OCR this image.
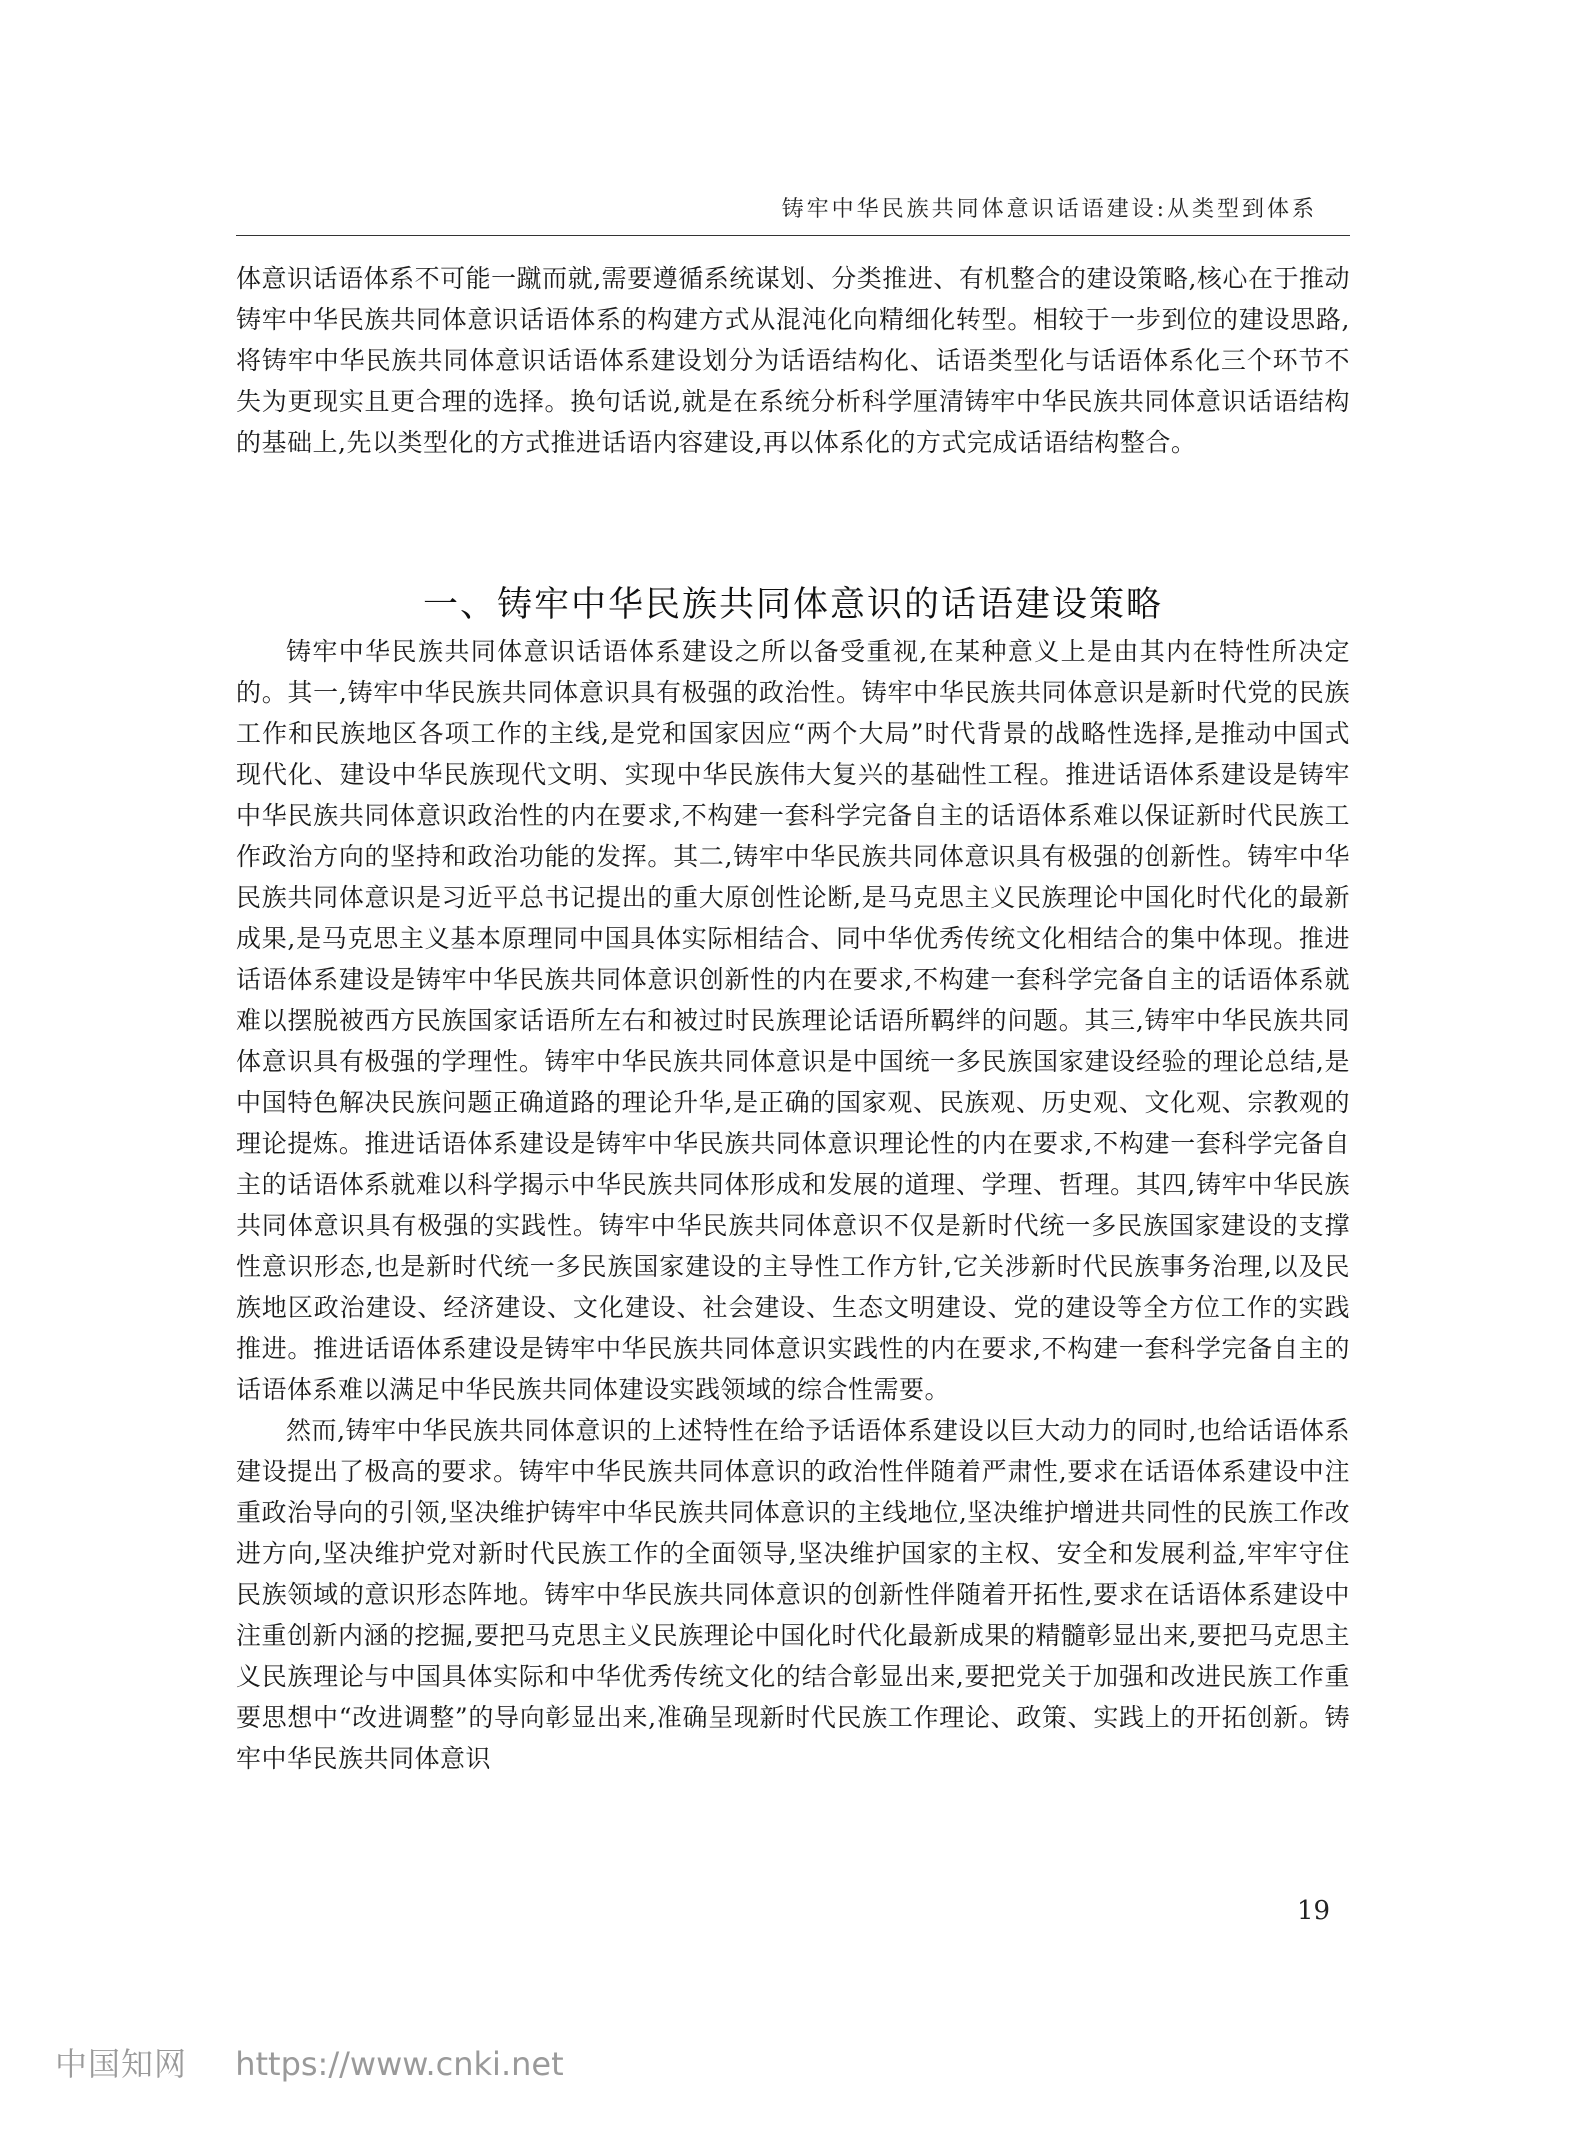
铸牢中华民族共同体意识话语建设:从类型到体系

体意识话语体系不可能一蹴而就,需要遵循系统谋划、分类推进、有机整合的建设策略,核心在于推动铸牢中华民族共同体意识话语体系的构建方式从混沌化向精细化转型。相较于一步到位的建设思路,将铸牢中华民族共同体意识话语体系建设划分为话语结构化、话语类型化与话语体系化三个环节不失为更现实且更合理的选择。换句话说,就是在系统分析科学厘清铸牢中华民族共同体意识话语结构的基础上,先以类型化的方式推进话语内容建设,再以体系化的方式完成话语结构整合。

一、铸牢中华民族共同体意识的话语建设策略

铸牢中华民族共同体意识话语体系建设之所以备受重视,在某种意义上是由其内在特性所决定的。其一,铸牢中华民族共同体意识具有极强的政治性。铸牢中华民族共同体意识是新时代党的民族工作和民族地区各项工作的主线,是党和国家因应“两个大局”时代背景的战略性选择,是推动中国式现代化、建设中华民族现代文明、实现中华民族伟大复兴的基础性工程。推进话语体系建设是铸牢中华民族共同体意识政治性的内在要求,不构建一套科学完备自主的话语体系难以保证新时代民族工作政治方向的坚持和政治功能的发挥。其二,铸牢中华民族共同体意识具有极强的创新性。铸牢中华民族共同体意识是习近平总书记提出的重大原创性论断,是马克思主义民族理论中国化时代化的最新成果,是马克思主义基本原理同中国具体实际相结合、同中华优秀传统文化相结合的集中体现。推进话语体系建设是铸牢中华民族共同体意识创新性的内在要求,不构建一套科学完备自主的话语体系就难以摆脱被西方民族国家话语所左右和被过时民族理论话语所羁绊的问题。其三,铸牢中华民族共同体意识具有极强的学理性。铸牢中华民族共同体意识是中国统一多民族国家建设经验的理论总结,是中国特色解决民族问题正确道路的理论升华,是正确的国家观、民族观、历史观、文化观、宗教观的理论提炼。推进话语体系建设是铸牢中华民族共同体意识理论性的内在要求,不构建一套科学完备自主的话语体系就难以科学揭示中华民族共同体形成和发展的道理、学理、哲理。其四,铸牢中华民族共同体意识具有极强的实践性。铸牢中华民族共同体意识不仅是新时代统一多民族国家建设的支撑性意识形态,也是新时代统一多民族国家建设的主导性工作方针,它关涉新时代民族事务治理,以及民族地区政治建设、经济建设、文化建设、社会建设、生态文明建设、党的建设等全方位工作的实践推进。推进话语体系建设是铸牢中华民族共同体意识实践性的内在要求,不构建一套科学完备自主的话语体系难以满足中华民族共同体建设实践领域的综合性需要。

然而,铸牢中华民族共同体意识的上述特性在给予话语体系建设以巨大动力的同时,也给话语体系建设提出了极高的要求。铸牢中华民族共同体意识的政治性伴随着严肃性,要求在话语体系建设中注重政治导向的引领,坚决维护铸牢中华民族共同体意识的主线地位,坚决维护增进共同性的民族工作改进方向,坚决维护党对新时代民族工作的全面领导,坚决维护国家的主权、安全和发展利益,牢牢守住民族领域的意识形态阵地。铸牢中华民族共同体意识的创新性伴随着开拓性,要求在话语体系建设中注重创新内涵的挖掘,要把马克思主义民族理论中国化时代化最新成果的精髓彰显出来,要把马克思主义民族理论与中国具体实际和中华优秀传统文化的结合彰显出来,要把党关于加强和改进民族工作重要思想中“改进调整”的导向彰显出来,准确呈现新时代民族工作理论、政策、实践上的开拓创新。铸牢中华民族共同体意识

19
中国知网 https://www.cnki.net
